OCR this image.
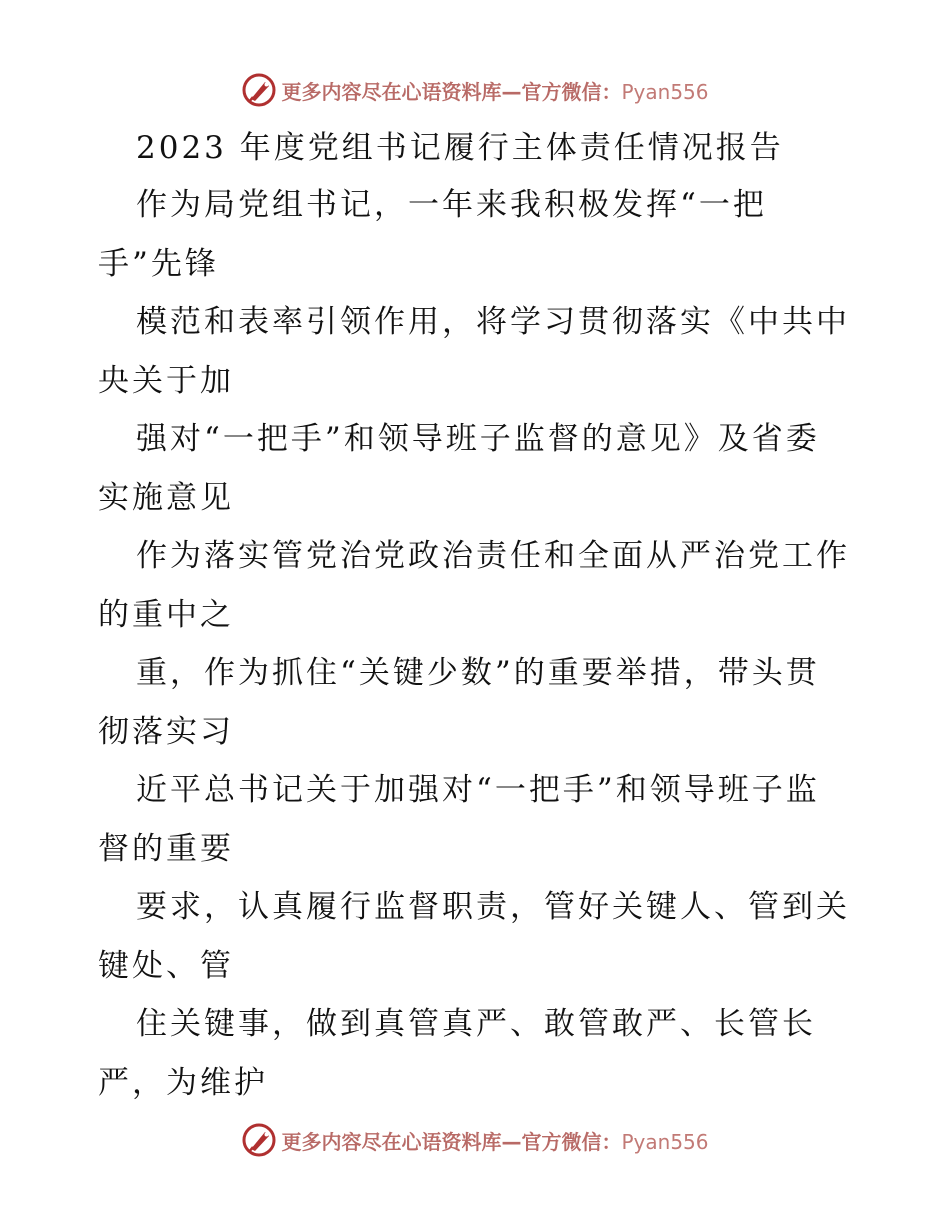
更多内容尽在心语资料库—官方微信：Pyan556
2023 年度党组书记履行主体责任情况报告
作为局党组书记，一年来我积极发挥“一把
手”先锋
模范和表率引领作用，将学习贯彻落实《中共中
央关于加
强对“一把手”和领导班子监督的意见》及省委
实施意见
作为落实管党治党政治责任和全面从严治党工作
的重中之
重，作为抓住“关键少数”的重要举措，带头贯
彻落实习
近平总书记关于加强对“一把手”和领导班子监
督的重要
要求，认真履行监督职责，管好关键人、管到关
键处、管
住关键事，做到真管真严、敢管敢严、长管长
严，为维护
更多内容尽在心语资料库—官方微信：Pyan556
